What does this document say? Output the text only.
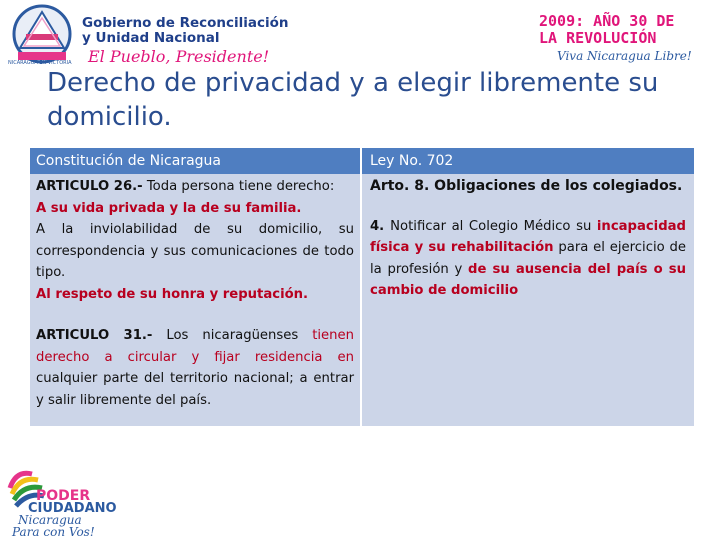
NICARAGUA EN VICTORIA
Gobierno de Reconciliación
y Unidad Nacional
El Pueblo, Presidente!
2009: AÑO 30 DE
LA REVOLUCIÓN
Viva Nicaragua Libre!
Derecho de privacidad y a elegir libremente su domicilio.
Constitución de Nicaragua	Ley No. 702

ARTICULO 26.- Toda persona tiene derecho:

A su vida privada y la de su familia.

A la inviolabilidad de su domicilio, su correspondencia y sus comunicaciones de todo tipo.

Al respeto de su honra y reputación.

ARTICULO 31.- Los nicaragüenses tienen derecho a circular y fijar residencia en cualquier parte del territorio nacional; a entrar y salir libremente del país.

Arto. 8. Obligaciones de los colegiados.

4. Notificar al Colegio Médico su incapacidad física y su rehabilitación para el ejercicio de la profesión y de su ausencia del país o su cambio de domicilio

PODER
CIUDADANO
Nicaragua
Para con Vos!
